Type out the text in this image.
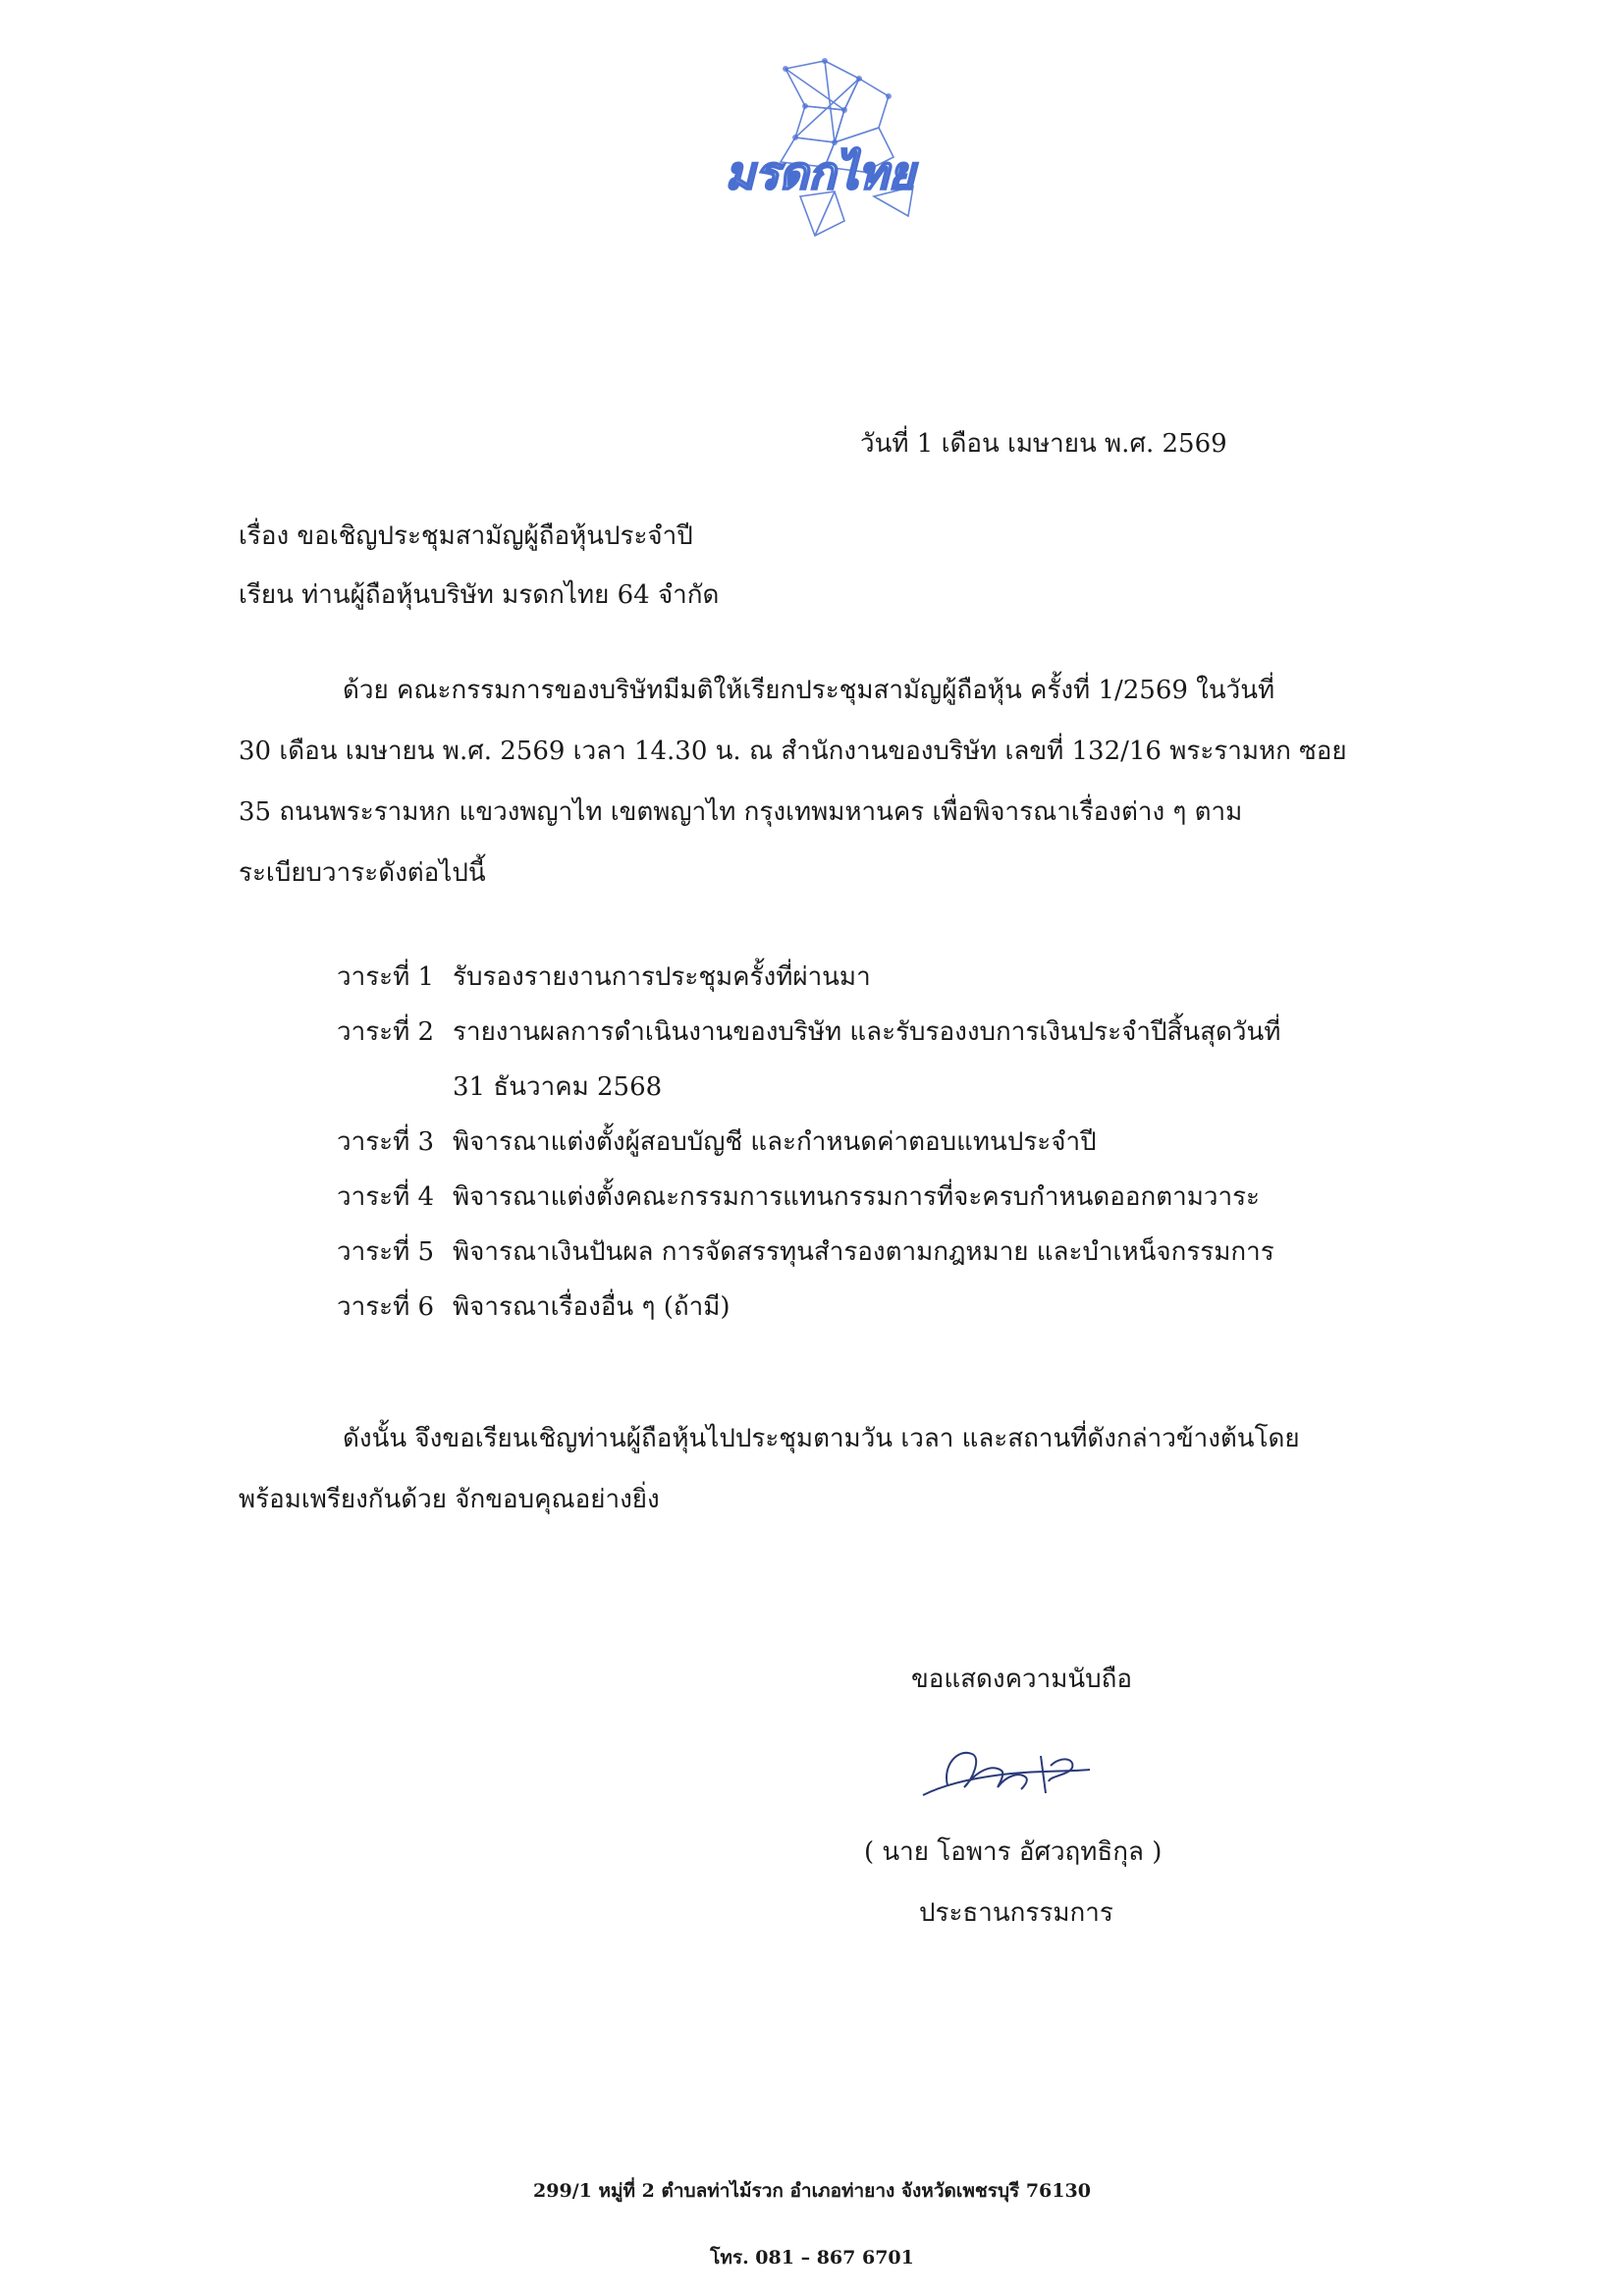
มรดกไทย
วันที่ 1 เดือน เมษายน พ.ศ. 2569
เรื่อง ขอเชิญประชุมสามัญผู้ถือหุ้นประจำปี
เรียน ท่านผู้ถือหุ้นบริษัท มรดกไทย 64 จำกัด
ด้วย คณะกรรมการของบริษัทมีมติให้เรียกประชุมสามัญผู้ถือหุ้น ครั้งที่ 1/2569 ในวันที่
30 เดือน เมษายน พ.ศ. 2569 เวลา 14.30 น. ณ สำนักงานของบริษัท เลขที่ 132/16 พระรามหก ซอย
35 ถนนพระรามหก แขวงพญาไท เขตพญาไท กรุงเทพมหานคร เพื่อพิจารณาเรื่องต่าง ๆ ตาม
ระเบียบวาระดังต่อไปนี้
วาระที่ 1 รับรองรายงานการประชุมครั้งที่ผ่านมา
วาระที่ 2 รายงานผลการดำเนินงานของบริษัท และรับรองงบการเงินประจำปีสิ้นสุดวันที่
31 ธันวาคม 2568
วาระที่ 3 พิจารณาแต่งตั้งผู้สอบบัญชี และกำหนดค่าตอบแทนประจำปี
วาระที่ 4 พิจารณาแต่งตั้งคณะกรรมการแทนกรรมการที่จะครบกำหนดออกตามวาระ
วาระที่ 5 พิจารณาเงินปันผล การจัดสรรทุนสำรองตามกฎหมาย และบำเหน็จกรรมการ
วาระที่ 6 พิจารณาเรื่องอื่น ๆ (ถ้ามี)
ดังนั้น จึงขอเรียนเชิญท่านผู้ถือหุ้นไปประชุมตามวัน เวลา และสถานที่ดังกล่าวข้างต้นโดย
พร้อมเพรียงกันด้วย จักขอบคุณอย่างยิ่ง
ขอแสดงความนับถือ
( นาย โอพาร อัศวฤทธิกุล )
ประธานกรรมการ
299/1 หมู่ที่ 2 ตำบลท่าไม้รวก อำเภอท่ายาง จังหวัดเพชรบุรี 76130
โทร. 081 – 867 6701
